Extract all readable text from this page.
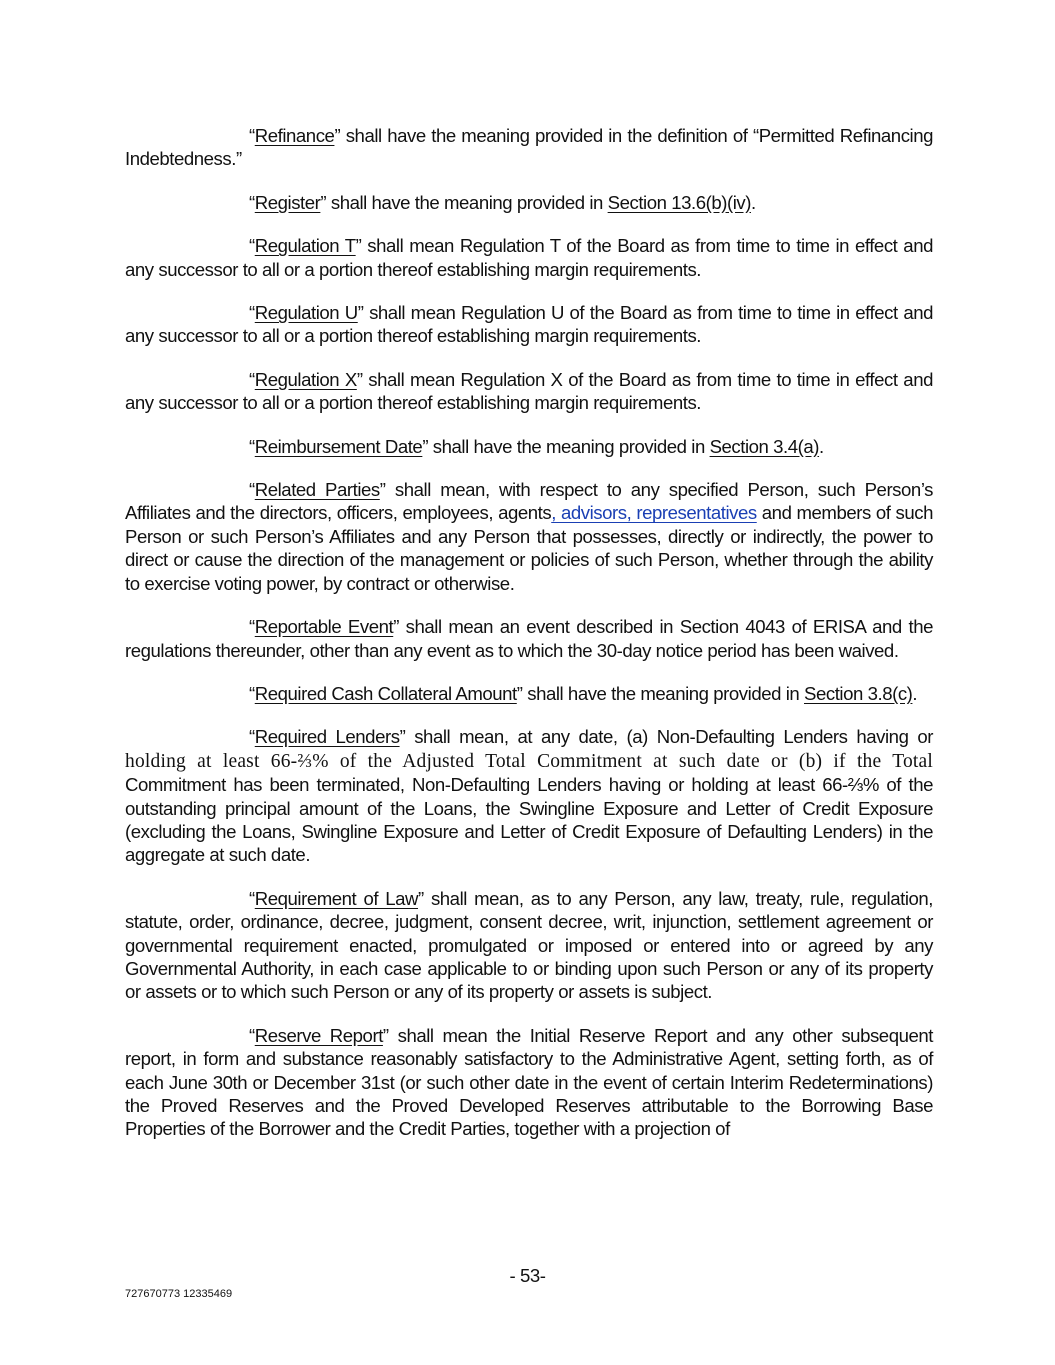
“Refinance” shall have the meaning provided in the definition of “Permitted Refinancing Indebtedness.”

“Register” shall have the meaning provided in Section 13.6(b)(iv).

“Regulation T” shall mean Regulation T of the Board as from time to time in effect and any successor to all or a portion thereof establishing margin requirements.

“Regulation U” shall mean Regulation U of the Board as from time to time in effect and any successor to all or a portion thereof establishing margin requirements.

“Regulation X” shall mean Regulation X of the Board as from time to time in effect and any successor to all or a portion thereof establishing margin requirements.

“Reimbursement Date” shall have the meaning provided in Section 3.4(a).

“Related Parties” shall mean, with respect to any specified Person, such Person’s Affiliates and the directors, officers, employees, agents, advisors, representatives and members of such Person or such Person’s Affiliates and any Person that possesses, directly or indirectly, the power to direct or cause the direction of the management or policies of such Person, whether through the ability to exercise voting power, by contract or otherwise.

“Reportable Event” shall mean an event described in Section 4043 of ERISA and the regulations thereunder, other than any event as to which the 30-day notice period has been waived.

“Required Cash Collateral Amount” shall have the meaning provided in Section 3.8(c).

“Required Lenders” shall mean, at any date, (a) Non-Defaulting Lenders having or holding at least 66-⅔% of the Adjusted Total Commitment at such date or (b) if the Total Commitment has been terminated, Non-Defaulting Lenders having or holding at least 66-⅔% of the outstanding principal amount of the Loans, the Swingline Exposure and Letter of Credit Exposure (excluding the Loans, Swingline Exposure and Letter of Credit Exposure of Defaulting Lenders) in the aggregate at such date.

“Requirement of Law” shall mean, as to any Person, any law, treaty, rule, regulation, statute, order, ordinance, decree, judgment, consent decree, writ, injunction, settlement agreement or governmental requirement enacted, promulgated or imposed or entered into or agreed by any Governmental Authority, in each case applicable to or binding upon such Person or any of its property or assets or to which such Person or any of its property or assets is subject.

“Reserve Report” shall mean the Initial Reserve Report and any other subsequent report, in form and substance reasonably satisfactory to the Administrative Agent, setting forth, as of each June 30th or December 31st (or such other date in the event of certain Interim Redeterminations) the Proved Reserves and the Proved Developed Reserves attributable to the Borrowing Base Properties of the Borrower and the Credit Parties, together with a projection of

- 53-
727670773 12335469
